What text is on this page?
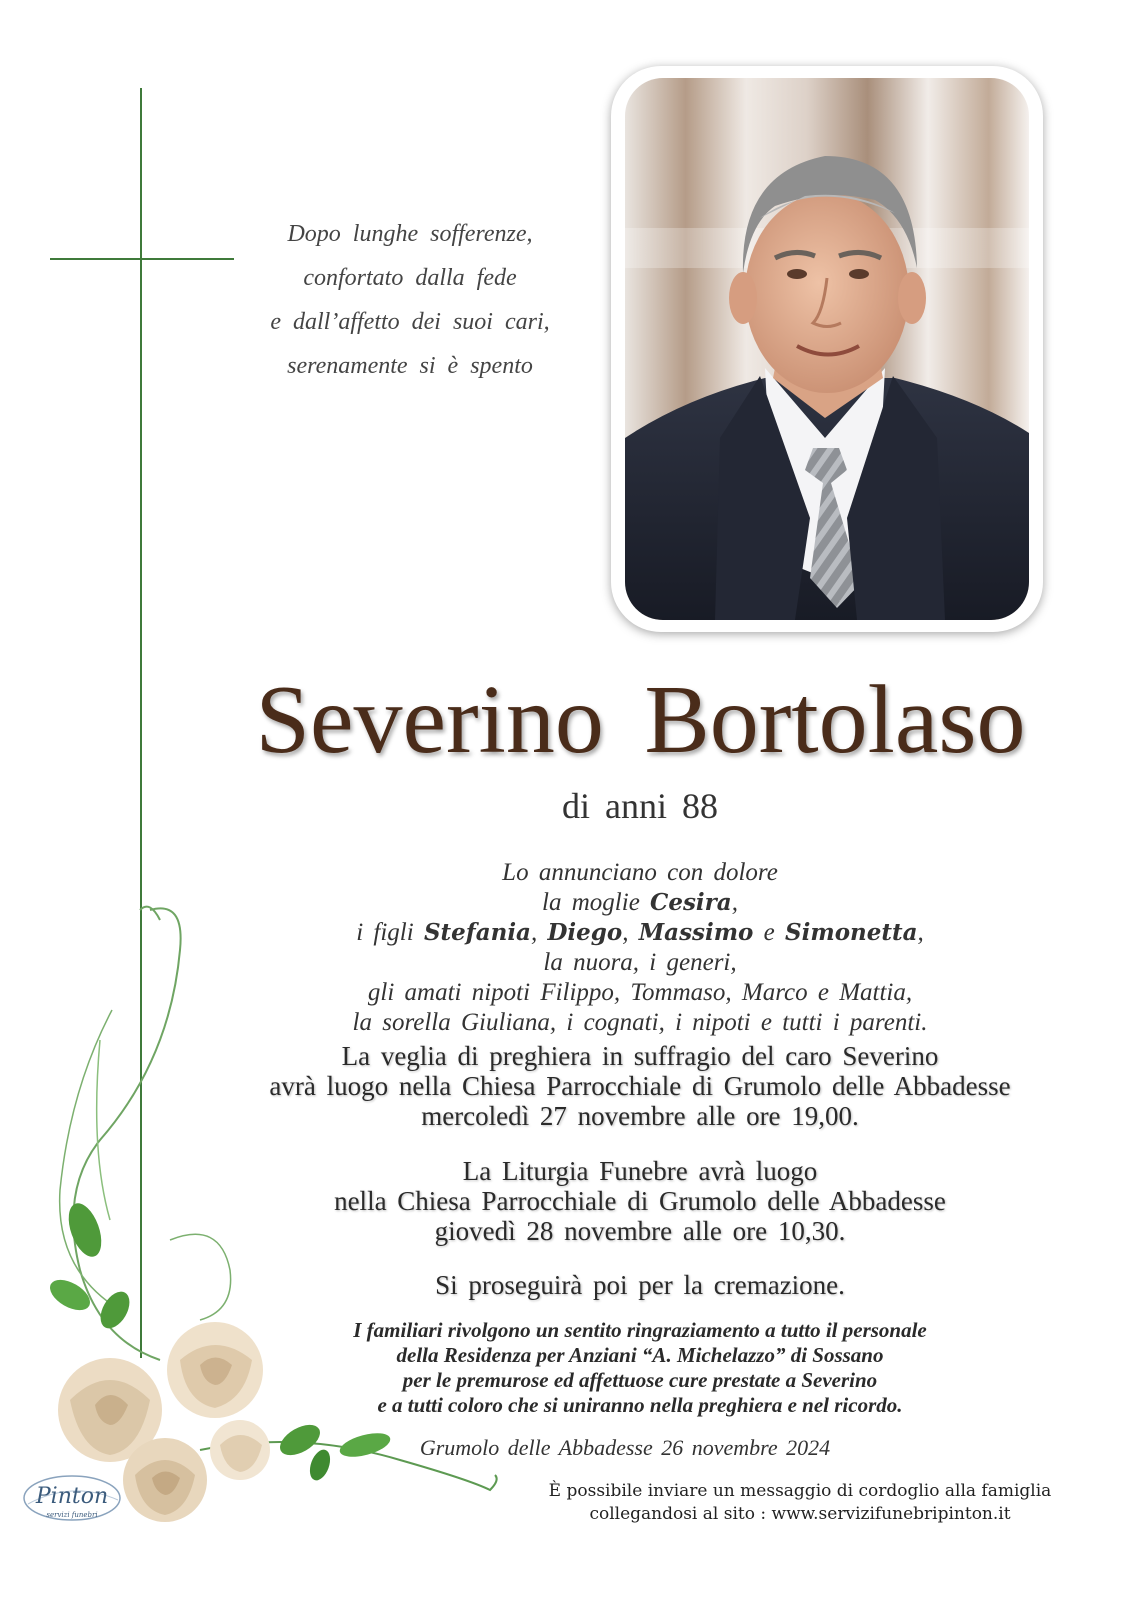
Dopo lunghe sofferenze,
confortato dalla fede
e dall’affetto dei suoi cari,
serenamente si è spento
Severino Bortolaso
di anni 88
Lo annunciano con dolore
la moglie Cesira,
i figli Stefania, Diego, Massimo e Simonetta,
la nuora, i generi,
gli amati nipoti Filippo, Tommaso, Marco e Mattia,
la sorella Giuliana, i cognati, i nipoti e tutti i parenti.
La veglia di preghiera in suffragio del caro Severino
avrà luogo nella Chiesa Parrocchiale di Grumolo delle Abbadesse
mercoledì 27 novembre alle ore 19,00.
La Liturgia Funebre avrà luogo
nella Chiesa Parrocchiale di Grumolo delle Abbadesse
giovedì 28 novembre alle ore 10,30.
Si proseguirà poi per la cremazione.
I familiari rivolgono un sentito ringraziamento a tutto il personale
della Residenza per Anziani “A. Michelazzo” di Sossano
per le premurose ed affettuose cure prestate a Severino
e a tutti coloro che si uniranno nella preghiera e nel ricordo.
Grumolo delle Abbadesse 26 novembre 2024
È possibile inviare un messaggio di cordoglio alla famiglia
collegandosi al sito : www.servizifunebripinton.it
Pinton
servizi funebri
